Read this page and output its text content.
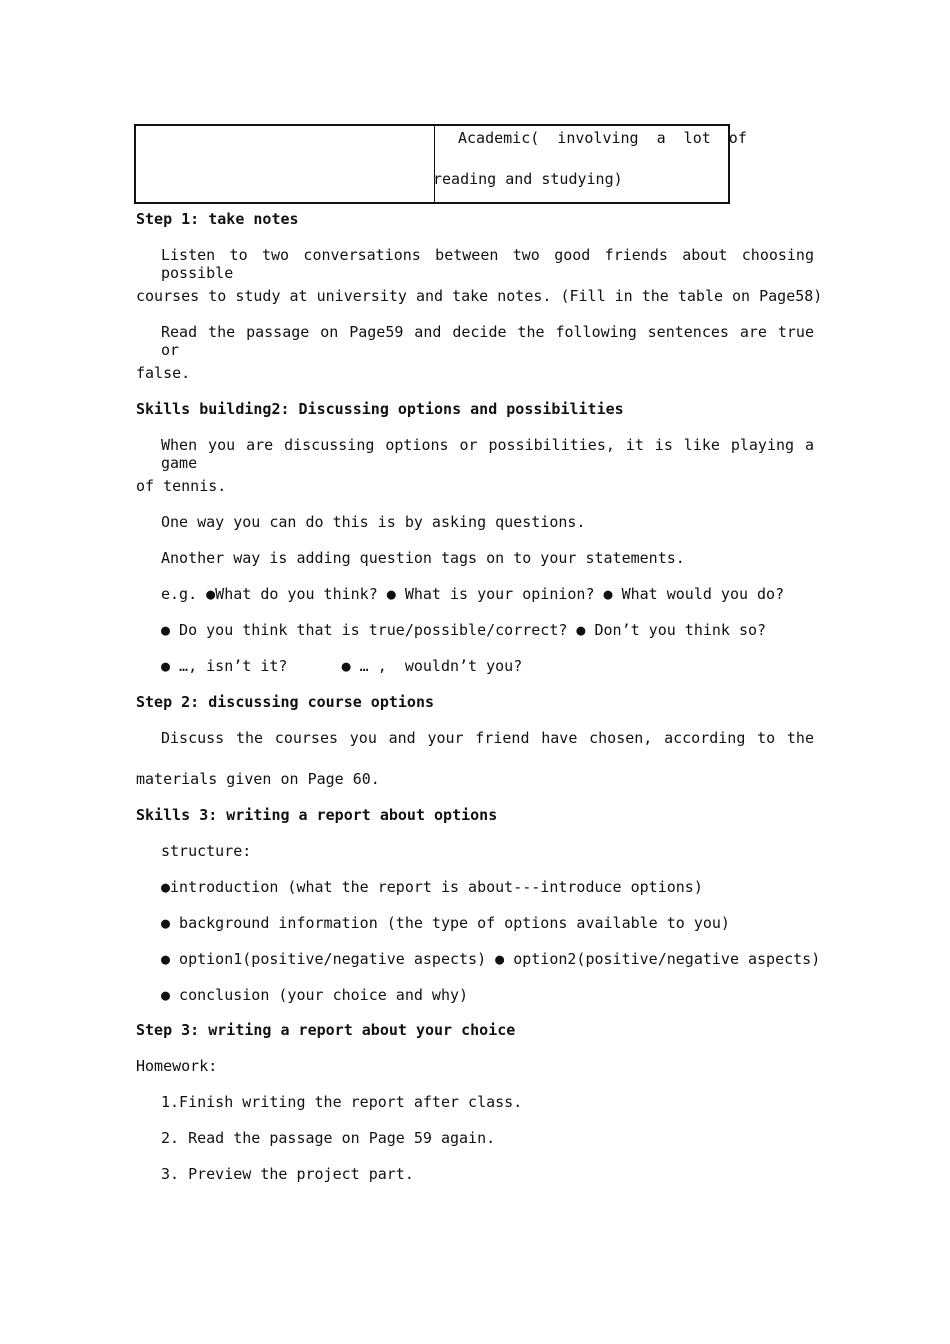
Academic( involving a lot of
reading and studying)
Step 1: take notes
Listen to two conversations between two good friends about choosing possible
courses to study at university and take notes. (Fill in the table on Page58)
Read the passage on Page59 and decide the following sentences are true or
false.
Skills building2: Discussing options and possibilities
When you are discussing options or possibilities, it is like playing a game
of tennis.
One way you can do this is by asking questions.
Another way is adding question tags on to your statements.
e.g. ●What do you think? ● What is your opinion? ● What would you do?
● Do you think that is true/possible/correct? ● Don’t you think so?
● …, isn’t it?      ● … ,  wouldn’t you?
Step 2: discussing course options
Discuss the courses you and your friend have chosen, according to the
materials given on Page 60.
Skills 3: writing a report about options
structure:
●introduction (what the report is about---introduce options)
● background information (the type of options available to you)
● option1(positive/negative aspects) ● option2(positive/negative aspects)
● conclusion (your choice and why)
Step 3: writing a report about your choice
Homework:
1.Finish writing the report after class.
2. Read the passage on Page 59 again.
3. Preview the project part.
